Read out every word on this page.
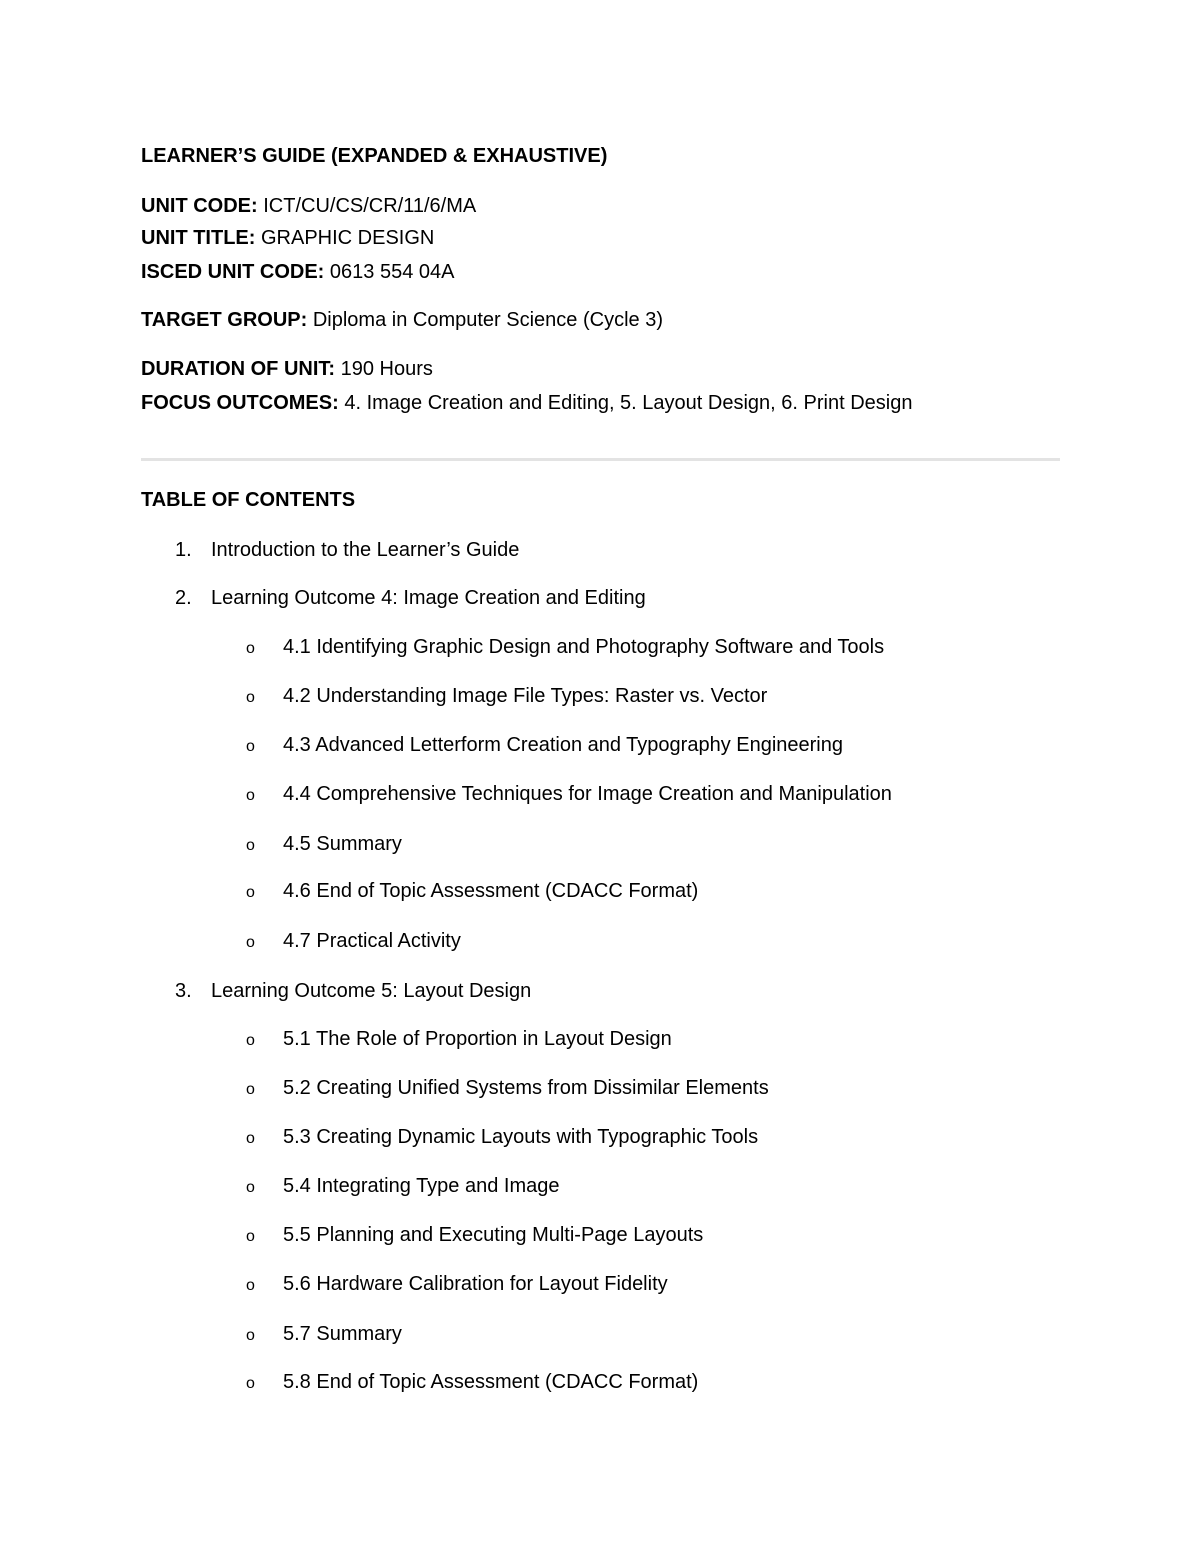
LEARNER’S GUIDE (EXPANDED & EXHAUSTIVE)
UNIT CODE: ICT/CU/CS/CR/11/6/MA
UNIT TITLE: GRAPHIC DESIGN
ISCED UNIT CODE: 0613 554 04A
TARGET GROUP: Diploma in Computer Science (Cycle 3)
DURATION OF UNIT: 190 Hours
FOCUS OUTCOMES: 4. Image Creation and Editing, 5. Layout Design, 6. Print Design
TABLE OF CONTENTS
1. Introduction to the Learner’s Guide
2. Learning Outcome 4: Image Creation and Editing
o 4.1 Identifying Graphic Design and Photography Software and Tools
o 4.2 Understanding Image File Types: Raster vs. Vector
o 4.3 Advanced Letterform Creation and Typography Engineering
o 4.4 Comprehensive Techniques for Image Creation and Manipulation
o 4.5 Summary
o 4.6 End of Topic Assessment (CDACC Format)
o 4.7 Practical Activity
3. Learning Outcome 5: Layout Design
o 5.1 The Role of Proportion in Layout Design
o 5.2 Creating Unified Systems from Dissimilar Elements
o 5.3 Creating Dynamic Layouts with Typographic Tools
o 5.4 Integrating Type and Image
o 5.5 Planning and Executing Multi-Page Layouts
o 5.6 Hardware Calibration for Layout Fidelity
o 5.7 Summary
o 5.8 End of Topic Assessment (CDACC Format)
